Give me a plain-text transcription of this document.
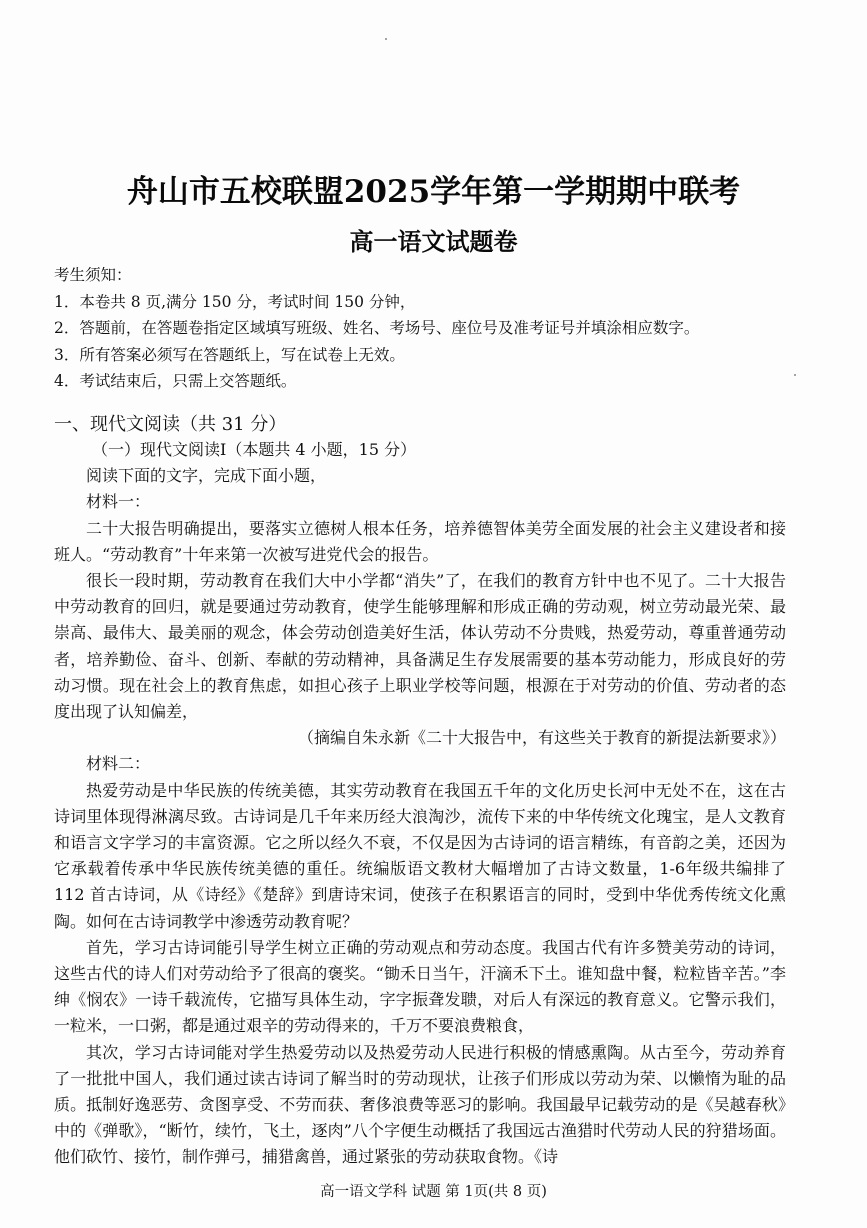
舟山市五校联盟2025学年第一学期期中联考
高一语文试题卷
考生须知：
1．本卷共 8 页,满分 150 分，考试时间 150 分钟，
2．答题前，在答题卷指定区域填写班级、姓名、考场号、座位号及准考证号并填涂相应数字。
3．所有答案必须写在答题纸上，写在试卷上无效。
4．考试结束后，只需上交答题纸。
一、现代文阅读（共 31 分）

（一）现代文阅读Ⅰ（本题共 4 小题，15 分）

阅读下面的文字，完成下面小题，

材料一：

二十大报告明确提出，要落实立德树人根本任务，培养德智体美劳全面发展的社会主义建设者和接班人。“劳动教育”十年来第一次被写进党代会的报告。

很长一段时期，劳动教育在我们大中小学都“消失”了，在我们的教育方针中也不见了。二十大报告中劳动教育的回归，就是要通过劳动教育，使学生能够理解和形成正确的劳动观，树立劳动最光荣、最崇高、最伟大、最美丽的观念，体会劳动创造美好生活，体认劳动不分贵贱，热爱劳动，尊重普通劳动者，培养勤俭、奋斗、创新、奉献的劳动精神，具备满足生存发展需要的基本劳动能力，形成良好的劳动习惯。现在社会上的教育焦虑，如担心孩子上职业学校等问题，根源在于对劳动的价值、劳动者的态度出现了认知偏差，

（摘编自朱永新《二十大报告中，有这些关于教育的新提法新要求》）

材料二：

热爱劳动是中华民族的传统美德，其实劳动教育在我国五千年的文化历史长河中无处不在，这在古诗词里体现得淋漓尽致。古诗词是几千年来历经大浪淘沙，流传下来的中华传统文化瑰宝，是人文教育和语言文字学习的丰富资源。它之所以经久不衰，不仅是因为古诗词的语言精练，有音韵之美，还因为它承载着传承中华民族传统美德的重任。统编版语文教材大幅增加了古诗文数量，1-6年级共编排了 112 首古诗词，从《诗经》《楚辞》到唐诗宋词，使孩子在积累语言的同时，受到中华优秀传统文化熏陶。如何在古诗词教学中渗透劳动教育呢？

首先，学习古诗词能引导学生树立正确的劳动观点和劳动态度。我国古代有许多赞美劳动的诗词，这些古代的诗人们对劳动给予了很高的褒奖。“锄禾日当午，汗滴禾下土。谁知盘中餐，粒粒皆辛苦。”李绅《悯农》一诗千载流传，它描写具体生动，字字振聋发聩，对后人有深远的教育意义。它警示我们，一粒米，一口粥，都是通过艰辛的劳动得来的，千万不要浪费粮食，

其次，学习古诗词能对学生热爱劳动以及热爱劳动人民进行积极的情感熏陶。从古至今，劳动养育了一批批中国人，我们通过读古诗词了解当时的劳动现状，让孩子们形成以劳动为荣、以懒惰为耻的品质。抵制好逸恶劳、贪图享受、不劳而获、奢侈浪费等恶习的影响。我国最早记载劳动的是《吴越春秋》中的《弹歌》，“断竹，续竹，飞土，逐肉”八个字便生动概括了我国远古渔猎时代劳动人民的狩猎场面。他们砍竹、接竹，制作弹弓，捕猎禽兽，通过紧张的劳动获取食物。《诗

高一语文学科 试题 第 1页(共 8 页)
